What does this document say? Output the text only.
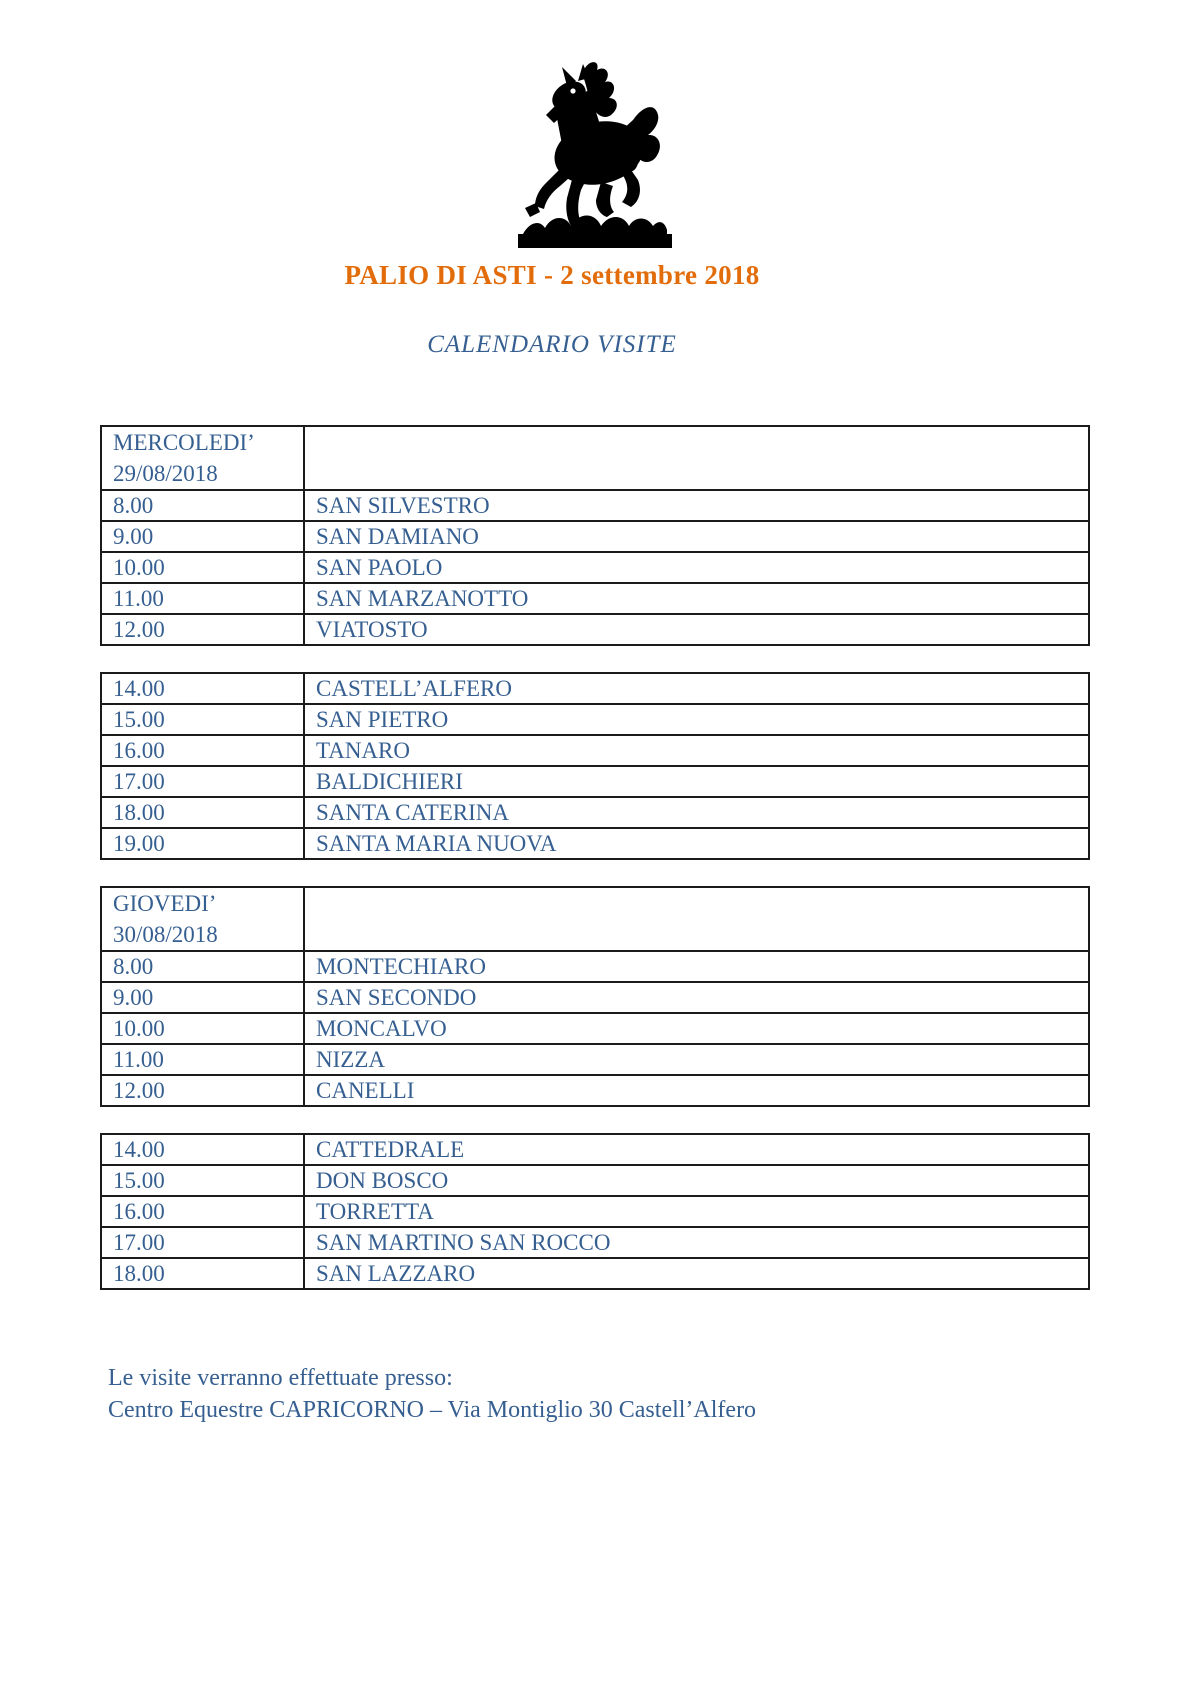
PALIO DI ASTI - 2 settembre 2018
CALENDARIO VISITE
MERCOLEDI’
29/08/2018	

8.00	SAN SILVESTRO
9.00	SAN DAMIANO
10.00	SAN PAOLO
11.00	SAN MARZANOTTO
12.00	VIATOSTO
14.00	CASTELL’ALFERO
15.00	SAN PIETRO
16.00	TANARO
17.00	BALDICHIERI
18.00	SANTA CATERINA
19.00	SANTA MARIA NUOVA
GIOVEDI’
30/08/2018	

8.00	MONTECHIARO
9.00	SAN SECONDO
10.00	MONCALVO
11.00	NIZZA
12.00	CANELLI
14.00	CATTEDRALE
15.00	DON BOSCO
16.00	TORRETTA
17.00	SAN MARTINO SAN ROCCO
18.00	SAN LAZZARO

Le visite verranno effettuate presso:

Centro Equestre CAPRICORNO – Via Montiglio 30 Castell’Alfero
